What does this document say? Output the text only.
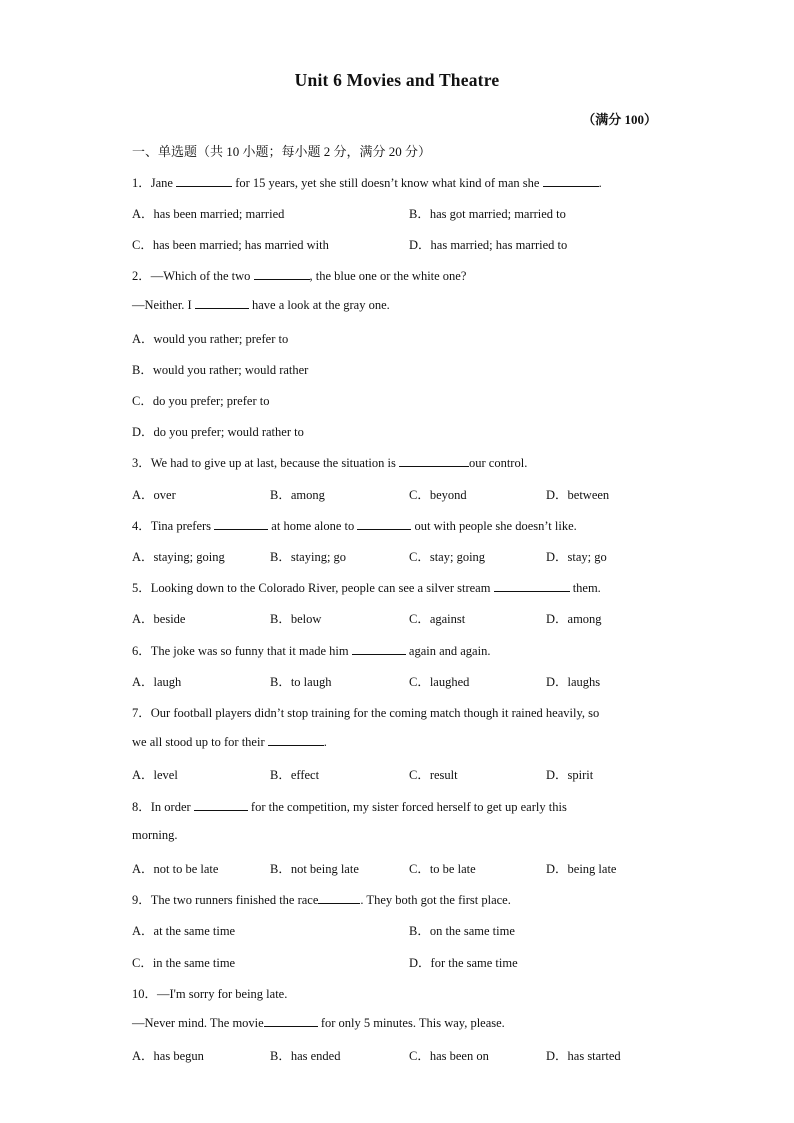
Unit 6 Movies and Theatre
（满分 100）
一、单选题（共 10 小题；每小题 2 分，满分 20 分）
1．Jane	for 15 years, yet she still doesn’t know what kind of man she	.
A．has been married; married	B．has got married; married to
C．has been married; has married with	D．has married; has married to
2．—Which of the two	, the blue one or the white one?
—Neither. I	have a look at the gray one.
A．would you rather; prefer to
B．would you rather; would rather
C．do you prefer; prefer to
D．do you prefer; would rather to
3．We had to give up at last, because the situation is	our control.
A．over	B．among	C．beyond	D．between
4．Tina prefers	at home alone to	out with people she doesn’t like.
A．staying; going	B．staying; go	C．stay; going	D．stay; go
5．Looking down to the Colorado River, people can see a silver stream	them.
A．beside	B．below	C．against	D．among
6．The joke was so funny that it made him	again and again.
A．laugh	B．to laugh	C．laughed	D．laughs
7．Our football players didn’t stop training for the coming match though it rained heavily, so
we all stood up to for their	.
A．level	B．effect	C．result	D．spirit
8．In order	for the competition, my sister forced herself to get up early this
morning.
A．not to be late	B．not being late	C．to be late	D．being late
9．The two runners finished the race	. They both got the first place.
A．at the same time	B．on the same time
C．in the same time	D．for the same time
10．—I'm sorry for being late.
—Never mind. The movie	for only 5 minutes. This way, please.
A．has begun	B．has ended	C．has been on	D．has started
